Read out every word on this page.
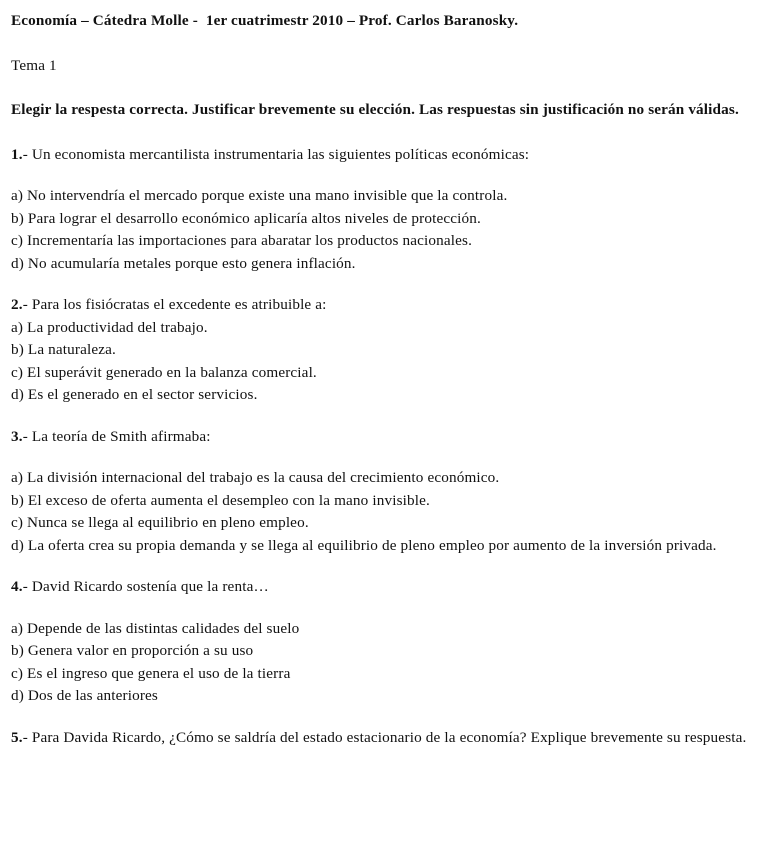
Economía – Cátedra Molle -  1er cuatrimestr 2010 – Prof. Carlos Baranosky.
Tema 1
Elegir la respesta correcta. Justificar brevemente su elección. Las respuestas sin justificación no serán válidas.
1.- Un economista mercantilista instrumentaria las siguientes políticas económicas:
a) No intervendría el mercado porque existe una mano invisible que la controla.
b) Para lograr el desarrollo económico aplicaría altos niveles de protección.
c) Incrementaría las importaciones para abaratar los productos nacionales.
d) No acumularía metales porque esto genera inflación.
2.- Para los fisiócratas el excedente es atribuible a:
a) La productividad del trabajo.
b) La naturaleza.
c) El superávit generado en la balanza comercial.
d) Es el generado en el sector servicios.
3.- La teoría de Smith afirmaba:
a) La división internacional del trabajo es la causa del crecimiento económico.
b) El exceso de oferta aumenta el desempleo con la mano invisible.
c) Nunca se llega al equilibrio en pleno empleo.
d) La oferta crea su propia demanda y se llega al equilibrio de pleno empleo por aumento de la inversión privada.
4.- David Ricardo sostenía que la renta…
a) Depende de las distintas calidades del suelo
b) Genera valor en proporción a su uso
c) Es el ingreso que genera el uso de la tierra
d) Dos de las anteriores
5.- Para Davida Ricardo, ¿Cómo se saldría del estado estacionario de la economía? Explique brevemente su respuesta.
